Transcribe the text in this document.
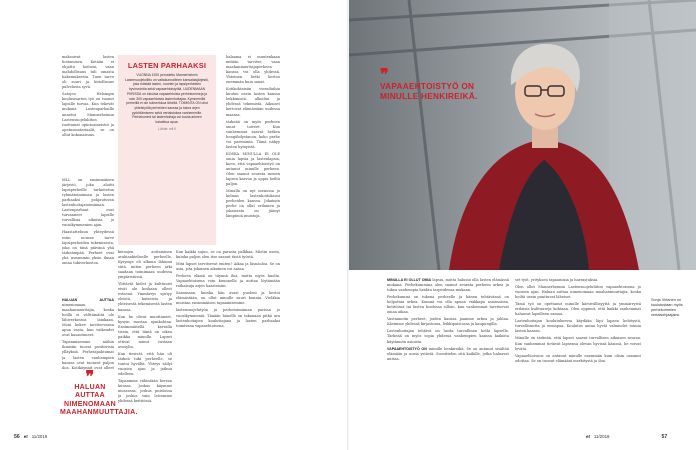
maksoivat lasten hoitamisen. Ketään ei ohjattu hoitoon, vaan mahdollisuus tuli omasta hakemuksesta. Tuen tarve oli suuri ja kiitollisuus palvelusta syvä.

Satojen Helsingin koulusisarten työ on tuonut lapsille turvaa. Kun tekevät mukana Lastenparhaille annetut Mannerheimin Lastensuojeluliiton tuottamat opintoaineistot ja opetusmateriaalit, se on ollut kokonaisuus.

MLL on ensimmäinen järjestö, joka aloitti lapsiperheille tarkoitetun ryhmätoiminnan ja lasten parhaaksi pohjautuvan lastenhoitajatoiminnan. Lastenparhaat ovat turvanneet lapsille turvallisia aikuisia jo vuosikymmenien ajan.

Haastatteluun yhteydessä esiin nousee tarve lapsiperheiden tukemisesta, joka on tänä päivänä yhä tärkeämpää. Perheet ovat yhä useammin yksin ilman omaa tukiverkostoa.

HALUAN AUTTAA nimenomaan maahanmuuttajia, koska heillä ei välttämättä ole lähiverkostoa lainkaan. Moni kokee tarvitsevansa apua vasta, kun vaikeudet ovat kasautuneet.

Tapaamisemme näihin ihmisiin tuovat positiivisia ylläyksiä. Perhetapahtumat ja lasten vanhempien kanssa ovat tuoneet paljon iloa. Kotikäynnit ovat olleet

LASTEN PARHAAKSI
VUONNA 1920 perustettu Mannerheimin Lastensuojeluliitto on valtakunnallinen kansalaisjärjestö, joka edistää lasten, nuorten ja lapsiperheiden hyvinvointia sekä vapaaehtoistyötä. UUDENMAAN PIIRISSÄ on lukuisia vapaaehtoisia perhekummeja ja noin 300 vapaaehtoista lastenhoitajaa. Kymmenillä perheillä ei ole tukiverkkoa lähellä. TOIMINTA ON ollut yhteistyötä perheiden kanssa ja tukea arjen pyörittämiseen sekä vertaistukea vanhemmille. Perhekummi tai lastenhoitaja voi tuoda arkeen kaivattua apua.
Lähde: mll.fi

halaama ei muutenkaan mitään tarvitse, vaan maahanmuuttajaperheen kanssa voi olla yhdessä. Yhteinen hetki kertoo enemmän kuin sanat.

Kotikohtaisiin vierailuihin kuuluu usein lasten kanssa leikkimistä, ulkoilua ja yhdessä tekemistä. Aikuiset kertovat elämästään uudessa maassa.

tärkeää on myös perheen omat toiveet. Kun vanhemmat saavat hetken hengähdystauon, koko perhe voi paremmin. Tämä näkyy lasten hymyistä.

KOSKA MINULLA EI OLE omia lapsia ja lastenlapsia, koen, että vapaaehtoistyö on antanut minulle perheen. Olen saanut seurata monen lapsen kasvua ja oppia heiltä paljon.

Minulla on nyt menossa jo kolmas lastenhoitokausi perheiden kanssa. Jokainen perhe on ollut erilainen ja jokaisesta on jäänyt lämpimiä muistoja.

keinojen auttaminen arabiankieliselle perheelle. Kysymys oli alkuun lähinnä siitä, miten perheen arki saadaan toimimaan uudessa ympäristössä.

Ylittävät kielet ja kulttuurit eivät ole koskaan olleet esteenä. Ymmärrys syntyy eleistä, katseista ja yhteisestä tekemisestä lasten kanssa.

Kun he olivat muuttaneet, kysyin mustaa ajankohtaa. Ensimmäisellä kerralla tiesin, että tämä on oikea paikka minulle. Lapset ottivat minut vastaan avosylin.

Kun tiesivät, että hän oli tärkeä tuki perheelle, se tuntui hyvältä. Yhteys säilyi vuosien ajan ja jatkuu edelleen.

Tapaamme vähintään kerran kuussa. Joskus käymme museossa, joskus puistossa ja joskus vain leivomme yhdessä keittiössä.

Kun kaikki sujuu, se on parasta palkkaa. Mietin usein, kuinka paljon olen itse saanut tästä työstä.

Mitä lapset tarvitsevat eniten? Aikaa ja läsnäoloa. Se on asia, jota jokainen aikuinen voi antaa.

Perheen elämä on täynnä iloa, mutta myös huolia. Vapaaehtoisena voin kuunnella ja auttaa löytämään ratkaisuja arjen haasteisiin.

Sanomaan, kuinka hän avasi puoleni ja kertoi elämästään, on ollut minulle suuri kunnia. Vieläkin muistan ensimmäisen tapaamisemme.

lastensuojelutyön ja perhetoiminnan parissa jo vuosikymmeniä. Tänään hänellä on takanaan pitkä ura lastenhoitajien kouluttajana ja lasten parhaaksi toimivana vapaaehtoisena.

❞
HALUAN AUTTAA NIMENOMAAN MAAHANMUUTTAJIA.
56 et 11/2019
❞
VAPAAEHTOISTYÖ ON MINULLE HENKIREIKÄ.

MINULLA EI OLLUT OMIA lapsia, mutta halusin olla lasten elämässä mukana. Perhekummina olen saanut seurata perheen arkea ja tukea vanhempia heidän tarpeidensa mukaan.

Perhekummi on tukena perheelle ja hänen tehtävänsä on helpottaa arkea. Kummi voi olla apuna vaikkapa asioinnissa, kotitöissä tai lasten hoidossa silloin, kun vanhemmat tarvitsevat omaa aikaa.

Vastaanotin perheet, joiden kanssa jaamme arkea ja juhlaa. Kävimme yhdessä kirjastossa, leikkipuistossa ja kaupungilla.

Lastenhoitajan tehtävä on luoda turvallinen hetki lapselle. Tärkeää on myös sopia yhdessä vanhempien kanssa kaikista käytännön asioista.

VAPAAEHTOISTYÖ ON minulle henkireikä. Se on antanut sisältöä elämään ja uusia ystäviä. Suosittelen sitä kaikille, jotka haluavat auttaa.

set työt, yrityksen tapaamisia ja harrastuksia.

Olen ollut Mannerheimin Lastensuojeluliiton vapaaehtoisena jo vuosien ajan. Haluan auttaa nimenomaan maahanmuuttajia, koska heiltä usein puuttuvat läheiset.

Tämä työ on opettanut minulle kärsivällisyyttä ja ymmärrystä erilaisia kulttuureja kohtaan. Olen oppinut, että kaikki vanhemmat haluavat lapsilleen samaa.

Lastenhoitajan koulutuksessa käydään läpi lapsen kehitystä, turvallisuutta ja ensiapua. Koulutus antaa hyvät valmiudet toimia lasten kanssa.

Minulle on tärkeää, että lapset saavat turvallisen aikuisen seuraa. Kun vanhemmat tietävät lapsensa olevan hyvissä käsissä, he voivat levätä.

Vapaaehtoisuus on antanut minulle enemmän kuin olisin osannut odottaa. Se on tuonut elämääni merkitystä ja iloa.

Sonja Virtanen on koulutustaan myös perhekummien vertaisohjaajaksi.
et 11/2019	57
